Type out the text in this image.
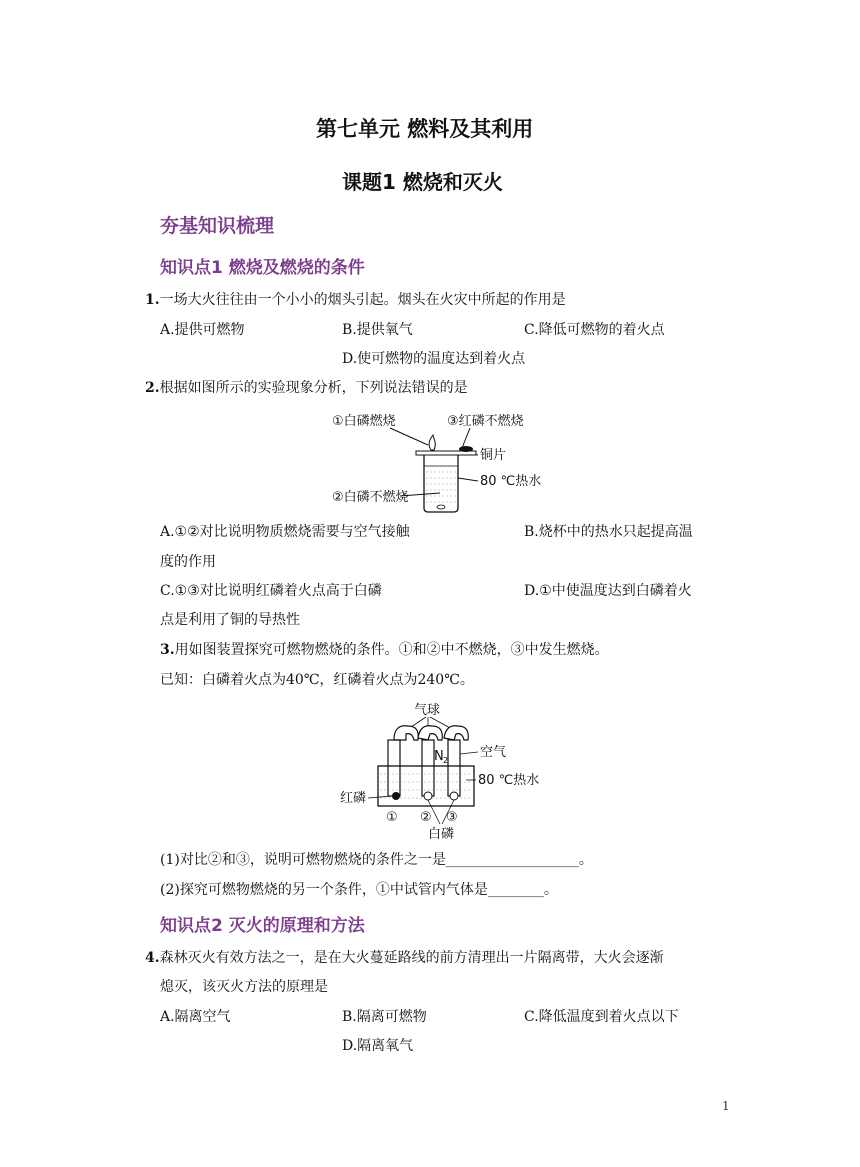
第七单元 燃料及其利用
课题1 燃烧和灭火
夯基知识梳理
知识点1 燃烧及燃烧的条件
1.一场大火往往由一个小小的烟头引起。烟头在火灾中所起的作用是
A.提供可燃物	B.提供氧气	C.降低可燃物的着火点
D.使可燃物的温度达到着火点
2.根据如图所示的实验现象分析，下列说法错误的是
①白磷燃烧	③红磷不燃烧
铜片
80 ℃热水
②白磷不燃烧
A.①②对比说明物质燃烧需要与空气接触	B.烧杯中的热水只起提高温
度的作用
C.①③对比说明红磷着火点高于白磷	D.①中使温度达到白磷着火
点是利用了铜的导热性
3.用如图装置探究可燃物燃烧的条件。①和②中不燃烧，③中发生燃烧。
已知：白磷着火点为40℃，红磷着火点为240℃。
气球
N 2
空气
80 ℃热水
红磷
① ② ③
白磷
(1)对比②和③，说明可燃物燃烧的条件之一是___________________。
(2)探究可燃物燃烧的另一个条件，①中试管内气体是________。
知识点2 灭火的原理和方法
4.森林灭火有效方法之一，是在大火蔓延路线的前方清理出一片隔离带，大火会逐渐
熄灭，该灭火方法的原理是
A.隔离空气	B.隔离可燃物	C.降低温度到着火点以下
D.隔离氧气
1
